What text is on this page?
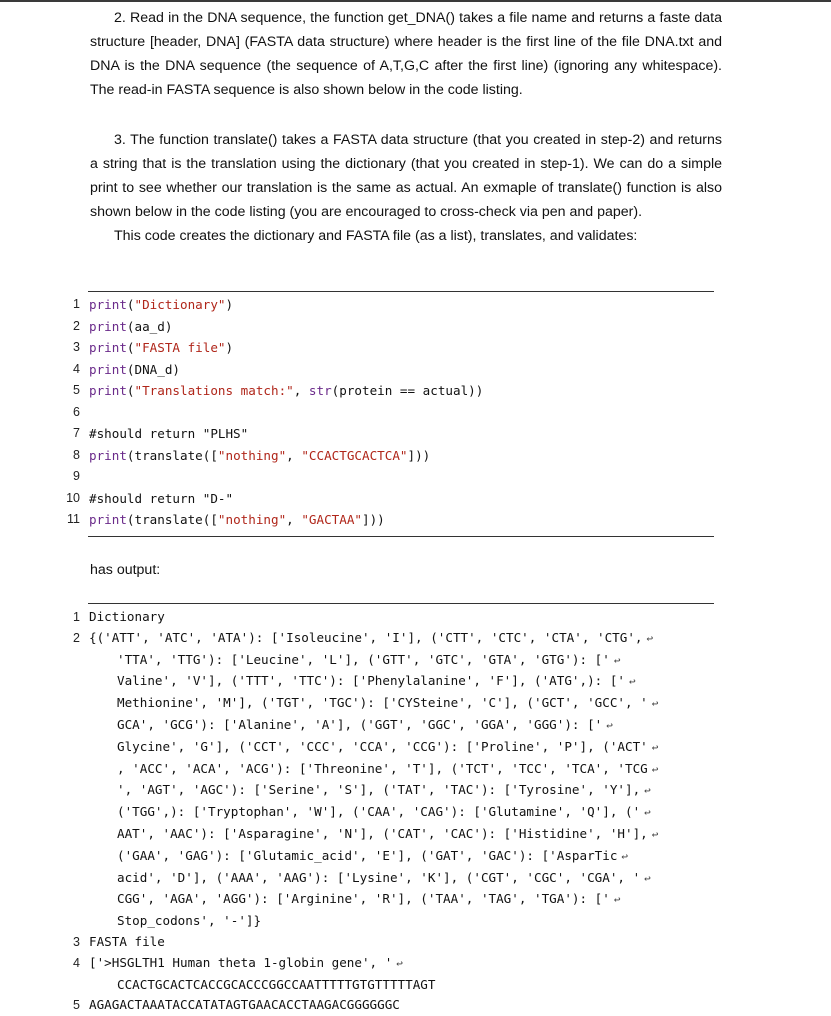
2. Read in the DNA sequence, the function get_DNA() takes a file name and returns a faste data structure [header, DNA] (FASTA data structure) where header is the first line of the file DNA.txt and DNA is the DNA sequence (the sequence of A,T,G,C after the first line) (ignoring any whitespace). The read-in FASTA sequence is also shown below in the code listing.

3. The function translate() takes a FASTA data structure (that you created in step-2) and returns a string that is the translation using the dictionary (that you created in step-1). We can do a simple print to see whether our translation is the same as actual. An exmaple of translate() function is also shown below in the code listing (you are encouraged to cross-check via pen and paper).

This code creates the dictionary and FASTA file (as a list), translates, and validates:

1 print("Dictionary")
2 print(aa_d)
3 print("FASTA file")
4 print(DNA_d)
5 print("Translations match:", str(protein == actual))
6
7 #should return "PLHS"
8 print(translate(["nothing", "CCACTGCACTCA"]))
9
10 #should return "D-"
11 print(translate(["nothing", "GACTAA"]))
has output:
1 Dictionary
2 {('ATT', 'ATC', 'ATA'): ['Isoleucine', 'I'], ('CTT', 'CTC', 'CTA', 'CTG', ↩
'TTA', 'TTG'): ['Leucine', 'L'], ('GTT', 'GTC', 'GTA', 'GTG'): [' ↩
Valine', 'V'], ('TTT', 'TTC'): ['Phenylalanine', 'F'], ('ATG',): [' ↩
Methionine', 'M'], ('TGT', 'TGC'): ['CYSteine', 'C'], ('GCT', 'GCC', ' ↩
GCA', 'GCG'): ['Alanine', 'A'], ('GGT', 'GGC', 'GGA', 'GGG'): [' ↩
Glycine', 'G'], ('CCT', 'CCC', 'CCA', 'CCG'): ['Proline', 'P'], ('ACT' ↩
, 'ACC', 'ACA', 'ACG'): ['Threonine', 'T'], ('TCT', 'TCC', 'TCA', 'TCG ↩
', 'AGT', 'AGC'): ['Serine', 'S'], ('TAT', 'TAC'): ['Tyrosine', 'Y'], ↩
('TGG',): ['Tryptophan', 'W'], ('CAA', 'CAG'): ['Glutamine', 'Q'], (' ↩
AAT', 'AAC'): ['Asparagine', 'N'], ('CAT', 'CAC'): ['Histidine', 'H'], ↩
('GAA', 'GAG'): ['Glutamic_acid', 'E'], ('GAT', 'GAC'): ['AsparTic ↩
acid', 'D'], ('AAA', 'AAG'): ['Lysine', 'K'], ('CGT', 'CGC', 'CGA', ' ↩
CGG', 'AGA', 'AGG'): ['Arginine', 'R'], ('TAA', 'TAG', 'TGA'): [' ↩
Stop_codons', '-']}
3 FASTA file
4 ['>HSGLTH1 Human theta 1-globin gene', ' ↩
CCACTGCACTCACCGCACCCGGCCAATTTTTGTGTTTTTAGT
5 AGAGACTAAATACCATATAGTGAACACCTAAGACGGGGGGC
